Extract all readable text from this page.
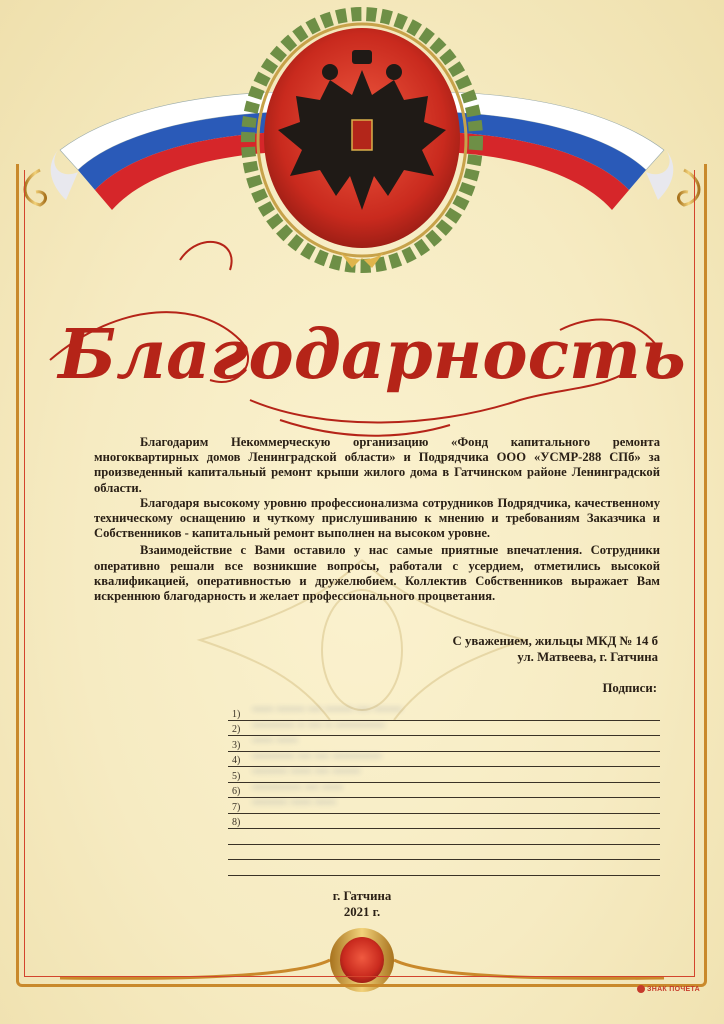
Благодарность

Благодарим Некоммерческую организацию «Фонд капитального ремонта многоквартирных домов Ленинградской области» и Подрядчика ООО «УСМР-288 СПб» за произведенный капитальный ремонт крыши жилого дома в Гатчинском районе Ленинградской области.

Благодаря высокому уровню профессионализма сотрудников Подрядчика, качественному техническому оснащению и чуткому прислушиванию к мнению и требованиям Заказчика и Собственников - капитальный ремонт выполнен на высоком уровне.

Взаимодействие с Вами оставило у нас самые приятные впечатления. Сотрудники оперативно решали все возникшие вопросы, работали с усердием, отметились высокой квалификацией, оперативностью и дружелюбием. Коллектив Собственников выражает Вам искреннюю благодарность и желает профессионального процветания.

С уважением, жильцы МКД № 14 б
ул. Матвеева, г. Гатчина
Подписи:
1) ~~~ ~~~~ ~~ ~~~~ ~~ ~~~~
2) ~~~~~~ ~ ~~ ~ ~~~~~~~
3) ~~~ ~~~
4) ~~~~~~ ~~ ~~ ~~~~~~~
5) ~~~~~ ~~~ ~~ ~~~~
6) ~~~~~~~ ~~ ~~~
7) ~~~~~ ~~~ ~~~
8)
г. Гатчина
2021 г.
ЗНАК ПОЧЕТА
